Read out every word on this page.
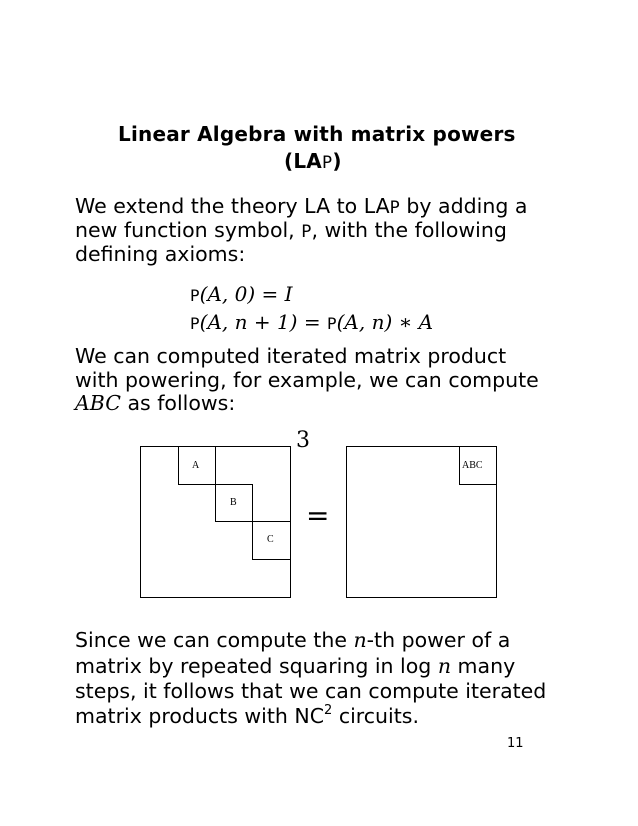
Linear Algebra with matrix powers
(LAP)
We extend the theory LA to LAP by adding a
new function symbol, P, with the following
defining axioms:
P(A, 0) = I
P(A, n + 1) = P(A, n) ∗ A
We can computed iterated matrix product
with powering, for example, we can compute
ABC as follows:
A
B
C
3
=
ABC
Since we can compute the n-th power of a
matrix by repeated squaring in log n many
steps, it follows that we can compute iterated
matrix products with $NC^2$ circuits.
11
